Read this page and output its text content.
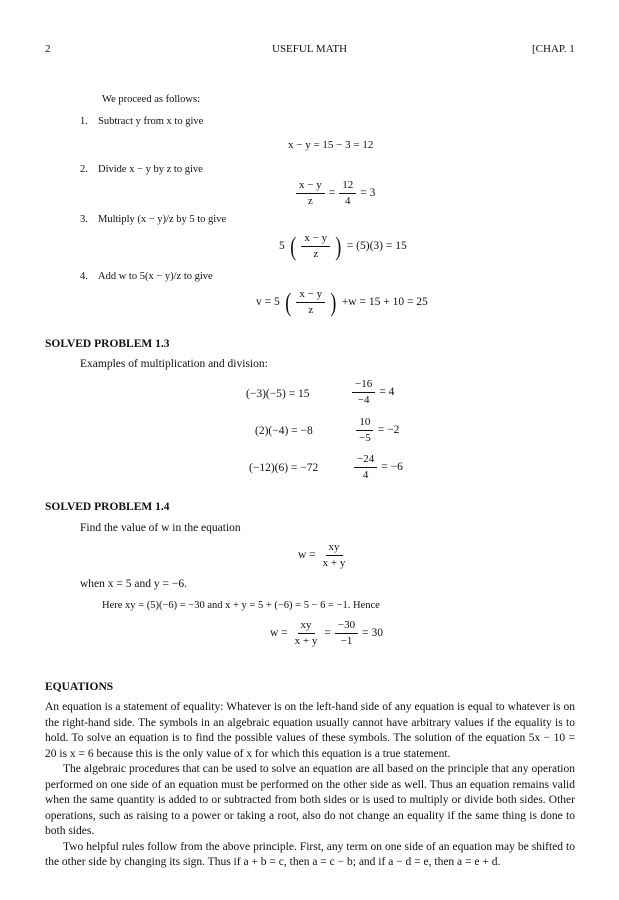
2	USEFUL MATH	[CHAP. 1
We proceed as follows:
1. Subtract y from x to give
x − y = 15 − 3 = 12
2. Divide x − y by z to give
$\frac{x - y}{z} = \frac{12}{4} = 3$
3. Multiply (x − y)/z by 5 to give
5 ( $\frac{x - y}{z}$ ) = (5)(3) = 15
4. Add w to 5(x − y)/z to give
v = 5 ( $\frac{x - y}{z}$ ) +w = 15 + 10 = 25
SOLVED PROBLEM 1.3
Examples of multiplication and division:
(−3)(−5) = 15
(2)(−4) = −8
(−12)(6) = −72
$\frac{-16}{-4} = 4$
$\frac{10}{-5} = -2$
$\frac{-24}{4} = -6$
SOLVED PROBLEM 1.4
Find the value of w in the equation
$w = \frac{xy}{x + y}$
when x = 5 and y = −6.
Here xy = (5)(−6) = −30 and x + y = 5 + (−6) = 5 − 6 = −1. Hence
$w = \frac{xy}{x + y} = \frac{-30}{-1} = 30$
EQUATIONS

An equation is a statement of equality: Whatever is on the left-hand side of any equation is equal to whatever is on the right-hand side. The symbols in an algebraic equation usually cannot have arbitrary values if the equality is to hold. To solve an equation is to find the possible values of these symbols. The solution of the equation 5x − 10 = 20 is x = 6 because this is the only value of x for which this equation is a true statement.

The algebraic procedures that can be used to solve an equation are all based on the principle that any operation performed on one side of an equation must be performed on the other side as well. Thus an equation remains valid when the same quantity is added to or subtracted from both sides or is used to multiply or divide both sides. Other operations, such as raising to a power or taking a root, also do not change an equality if the same thing is done to both sides.

Two helpful rules follow from the above principle. First, any term on one side of an equation may be shifted to the other side by changing its sign. Thus if a + b = c, then a = c − b; and if a − d = e, then a = e + d.
